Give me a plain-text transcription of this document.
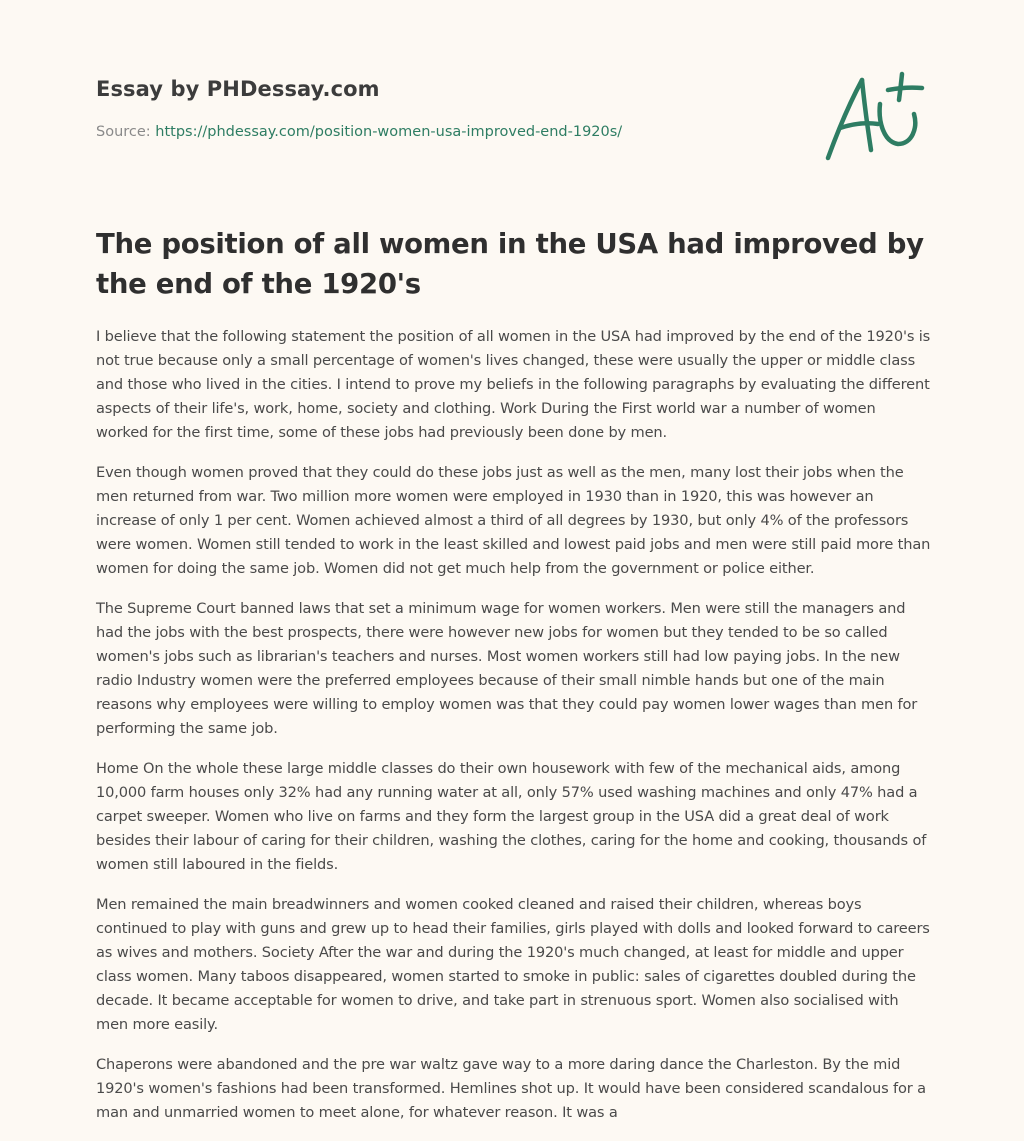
Essay by PHDessay.com
Source: https://phdessay.com/position-women-usa-improved-end-1920s/
The position of all women in the USA had improved by the end of the 1920's

I believe that the following statement the position of all women in the USA had improved by the end of the 1920's is not true because only a small percentage of women's lives changed, these were usually the upper or middle class and those who lived in the cities. I intend to prove my beliefs in the following paragraphs by evaluating the different aspects of their life's, work, home, society and clothing. Work During the First world war a number of women worked for the first time, some of these jobs had previously been done by men.

Even though women proved that they could do these jobs just as well as the men, many lost their jobs when the men returned from war. Two million more women were employed in 1930 than in 1920, this was however an increase of only 1 per cent. Women achieved almost a third of all degrees by 1930, but only 4% of the professors were women. Women still tended to work in the least skilled and lowest paid jobs and men were still paid more than women for doing the same job. Women did not get much help from the government or police either.

The Supreme Court banned laws that set a minimum wage for women workers. Men were still the managers and had the jobs with the best prospects, there were however new jobs for women but they tended to be so called women's jobs such as librarian's teachers and nurses. Most women workers still had low paying jobs. In the new radio Industry women were the preferred employees because of their small nimble hands but one of the main reasons why employees were willing to employ women was that they could pay women lower wages than men for performing the same job.

Home On the whole these large middle classes do their own housework with few of the mechanical aids, among 10,000 farm houses only 32% had any running water at all, only 57% used washing machines and only 47% had a carpet sweeper. Women who live on farms and they form the largest group in the USA did a great deal of work besides their labour of caring for their children, washing the clothes, caring for the home and cooking, thousands of women still laboured in the fields.

Men remained the main breadwinners and women cooked cleaned and raised their children, whereas boys continued to play with guns and grew up to head their families, girls played with dolls and looked forward to careers as wives and mothers. Society After the war and during the 1920's much changed, at least for middle and upper class women. Many taboos disappeared, women started to smoke in public: sales of cigarettes doubled during the decade. It became acceptable for women to drive, and take part in strenuous sport. Women also socialised with men more easily.

Chaperons were abandoned and the pre war waltz gave way to a more daring dance the Charleston. By the mid 1920's women's fashions had been transformed. Hemlines shot up. It would have been considered scandalous for a man and unmarried women to meet alone, for whatever reason. It was a
